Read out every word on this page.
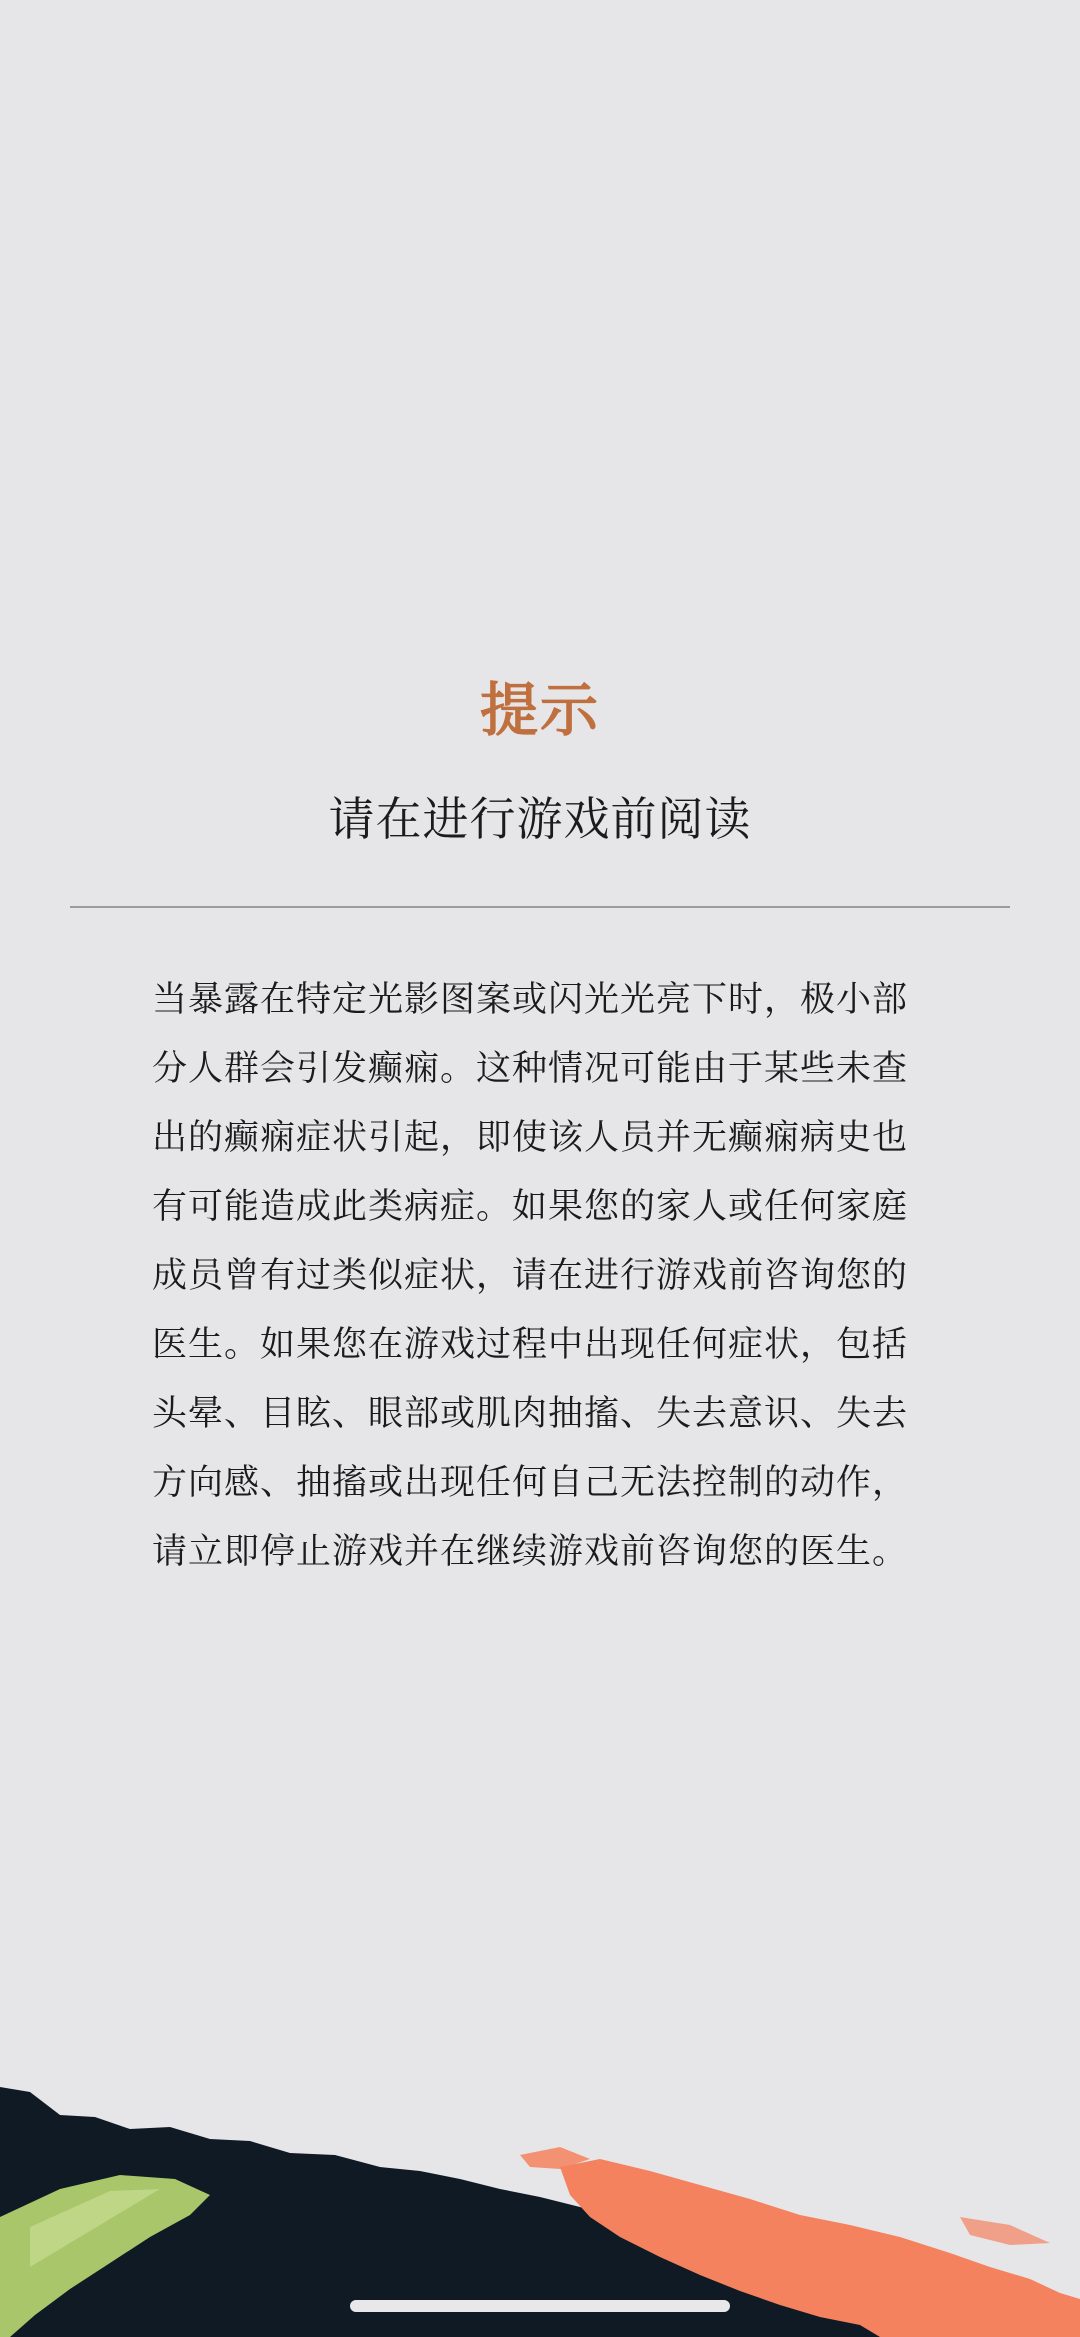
提示
请在进行游戏前阅读
当暴露在特定光影图案或闪光光亮下时，极小部
分人群会引发癫痫。这种情况可能由于某些未查
出的癫痫症状引起，即使该人员并无癫痫病史也
有可能造成此类病症。如果您的家人或任何家庭
成员曾有过类似症状，请在进行游戏前咨询您的
医生。如果您在游戏过程中出现任何症状，包括
头晕、目眩、眼部或肌肉抽搐、失去意识、失去
方向感、抽搐或出现任何自己无法控制的动作，
请立即停止游戏并在继续游戏前咨询您的医生。
